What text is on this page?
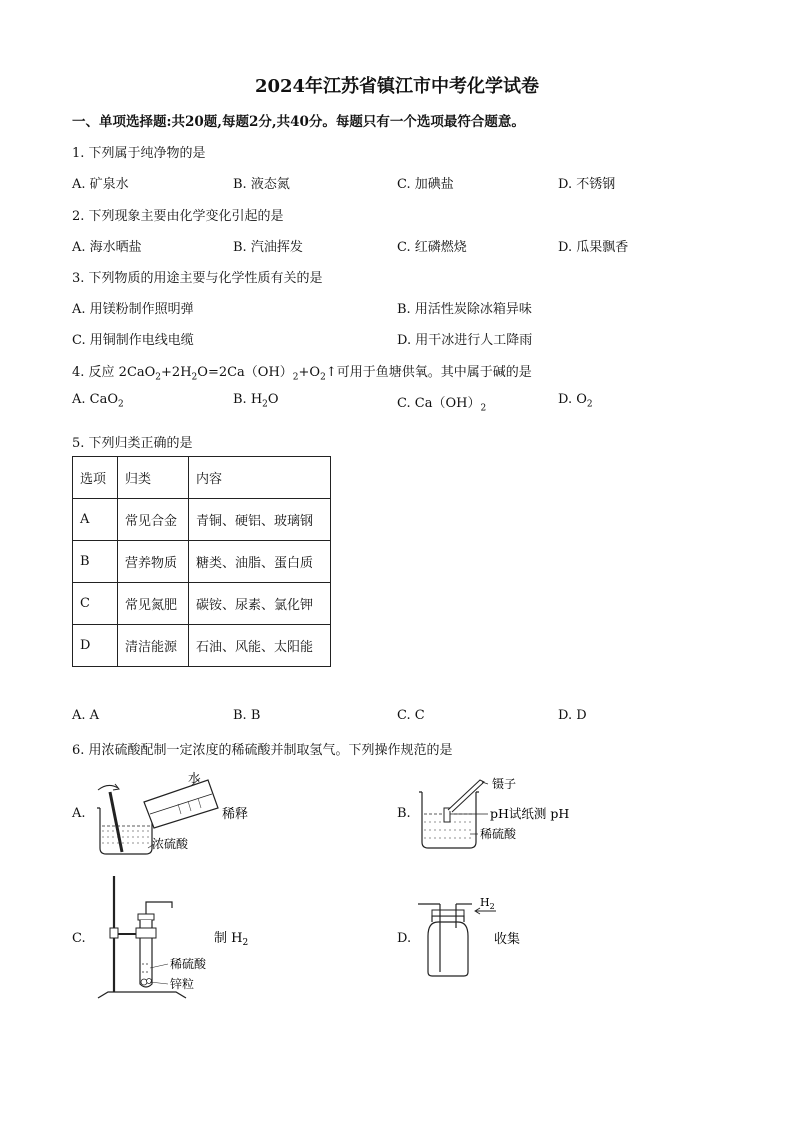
2024年江苏省镇江市中考化学试卷
一、单项选择题:共20题,每题2分,共40分。每题只有一个选项最符合题意。
1. 下列属于纯净物的是
A. 矿泉水	B. 液态氮	C. 加碘盐	D. 不锈钢
2. 下列现象主要由化学变化引起的是
A. 海水晒盐	B. 汽油挥发	C. 红磷燃烧	D. 瓜果飘香
3. 下列物质的用途主要与化学性质有关的是
A. 用镁粉制作照明弹	B. 用活性炭除冰箱异味
C. 用铜制作电线电缆	D. 用干冰进行人工降雨
4. 反应 $2CaO_2+2H_2O=2Ca(OH)_2+O_2↑$可用于鱼塘供氧。其中属于碱的是
A. CaO$_2$	B. $H_2O$	C. $Ca(OH)_2$
D. $O_2$
5. 下列归类正确的是
选项	归类	内容
A	常见合金	青铜、硬铝、玻璃钢
B	营养物质	糖类、油脂、蛋白质
C	常见氮肥	碳铵、尿素、氯化钾
D	清洁能源	石油、风能、太阳能
A. A	B. B	C. C	D. D
6. 用浓硫酸配制一定浓度的稀硫酸并制取氢气。下列操作规范的是
A.
水
稀释
浓硫酸
B.
镊子
pH试纸测 pH
稀硫酸
C.
稀硫酸
锌粒
制 $H_2$	D.
$H_2$
收集
